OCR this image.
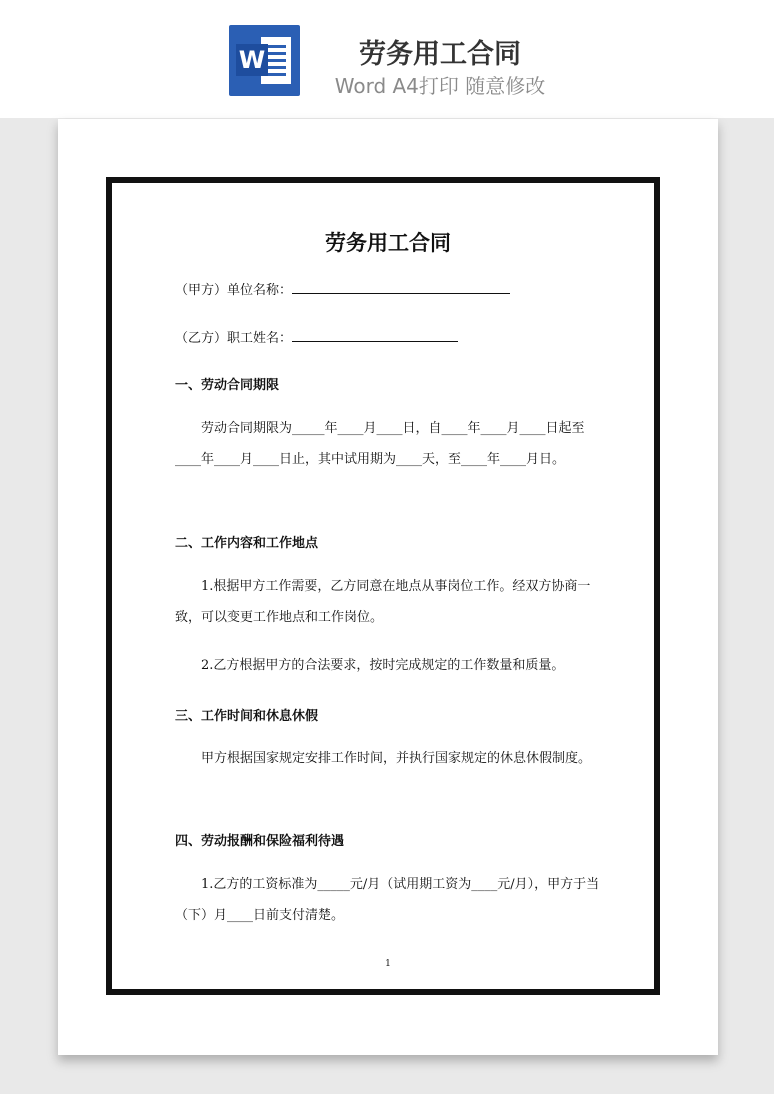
W	劳务用工合同
Word A4打印 随意修改
劳务用工合同
（甲方）单位名称：
（乙方）职工姓名：
一、劳动合同期限
  劳动合同期限为_____年____月____日，自____年____月____日起至____年____月____日止，其中试用期为____天，至____年____月日。
二、工作内容和工作地点
  1.根据甲方工作需要，乙方同意在地点从事岗位工作。经双方协商一致，可以变更工作地点和工作岗位。
  2.乙方根据甲方的合法要求，按时完成规定的工作数量和质量。
三、工作时间和休息休假
  甲方根据国家规定安排工作时间，并执行国家规定的休息休假制度。
四、劳动报酬和保险福利待遇
  1.乙方的工资标准为_____元/月（试用期工资为____元/月），甲方于当（下）月____日前支付清楚。
1
